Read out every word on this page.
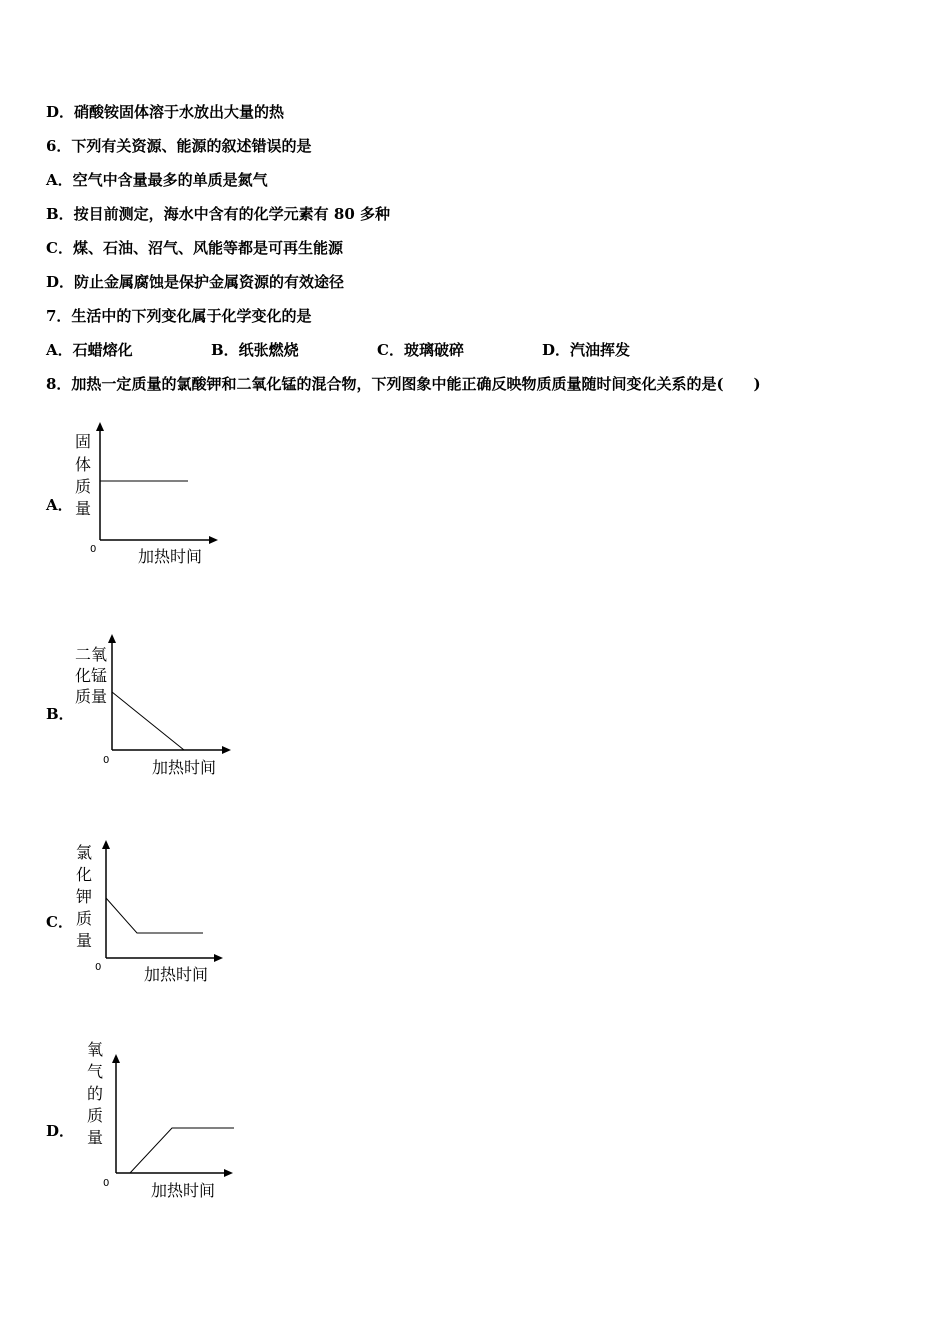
D．硝酸铵固体溶于水放出大量的热
6．下列有关资源、能源的叙述错误的是
A．空气中含量最多的单质是氮气
B．按目前测定，海水中含有的化学元素有 80 多种
C．煤、石油、沼气、风能等都是可再生能源
D．防止金属腐蚀是保护金属资源的有效途径
7．生活中的下列变化属于化学变化的是
A．石蜡熔化	B．纸张燃烧	C．玻璃破碎	D．汽油挥发
8．加热一定质量的氯酸钾和二氧化锰的混合物，下列图象中能正确反映物质质量随时间变化关系的是(　　)
A．
固
体
质
量
0	加热时间
B．
二氧
化锰
质量
0	加热时间
C．
氯
化
钾
质
量
0	加热时间
D．
氧
气
的
质
量
0	加热时间
